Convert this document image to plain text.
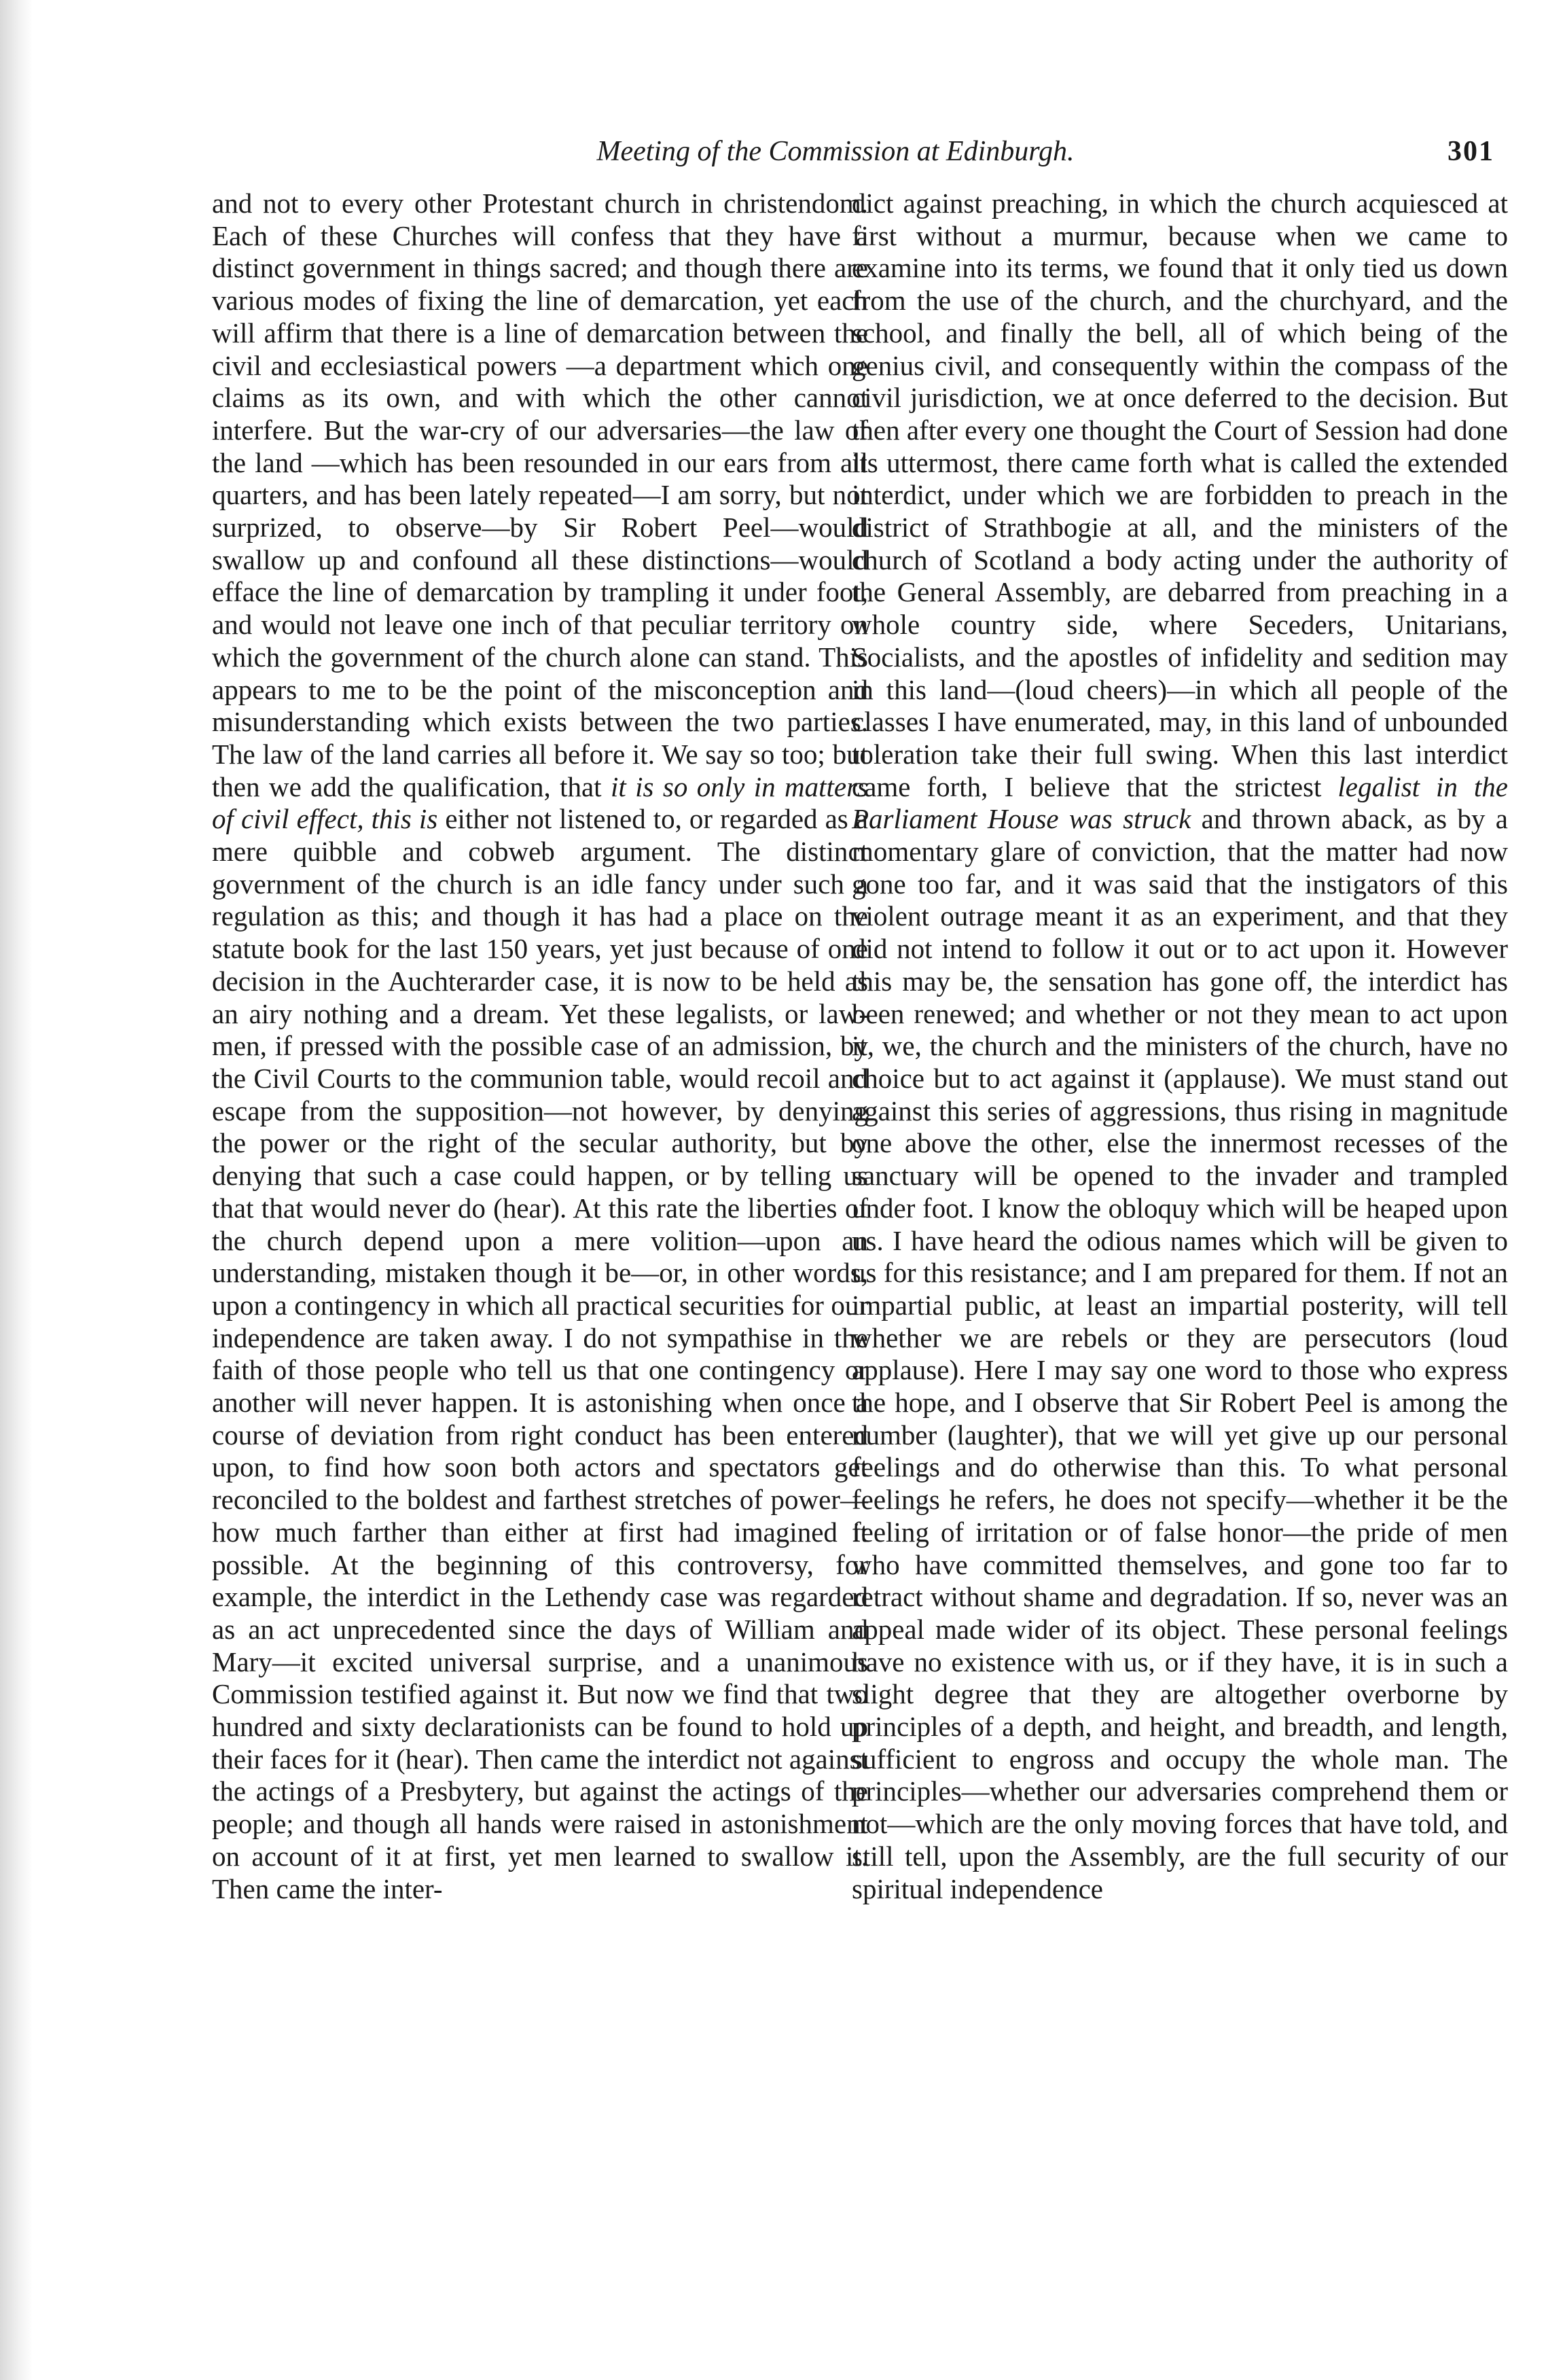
Meeting of the Commission at Edinburgh.	301

and not to every other Protestant church in christendom. Each of these Churches will confess that they have a distinct government in things sacred; and though there are various modes of fixing the line of demarcation, yet each will affirm that there is a line of demarcation between the civil and ecclesiastical powers —a department which one claims as its own, and with which the other cannot interfere. But the war-cry of our adversaries—the law of the land —which has been resounded in our ears from all quarters, and has been lately repeated—I am sorry, but not surprized, to observe—by Sir Robert Peel—would swallow up and confound all these distinctions—would efface the line of demarcation by trampling it under foot, and would not leave one inch of that peculiar territory on which the government of the church alone can stand. This appears to me to be the point of the misconception and misunderstanding which exists between the two parties. The law of the land carries all before it. We say so too; but then we add the qualification, that it is so only in matters of civil effect, this is either not listened to, or regarded as a mere quibble and cobweb argument. The distinct government of the church is an idle fancy under such a regulation as this; and though it has had a place on the statute book for the last 150 years, yet just because of one decision in the Auchterarder case, it is now to be held as an airy nothing and a dream. Yet these legalists, or law-men, if pressed with the possible case of an admission, by the Civil Courts to the communion table, would recoil and escape from the supposition—not however, by denying the power or the right of the secular authority, but by denying that such a case could happen, or by telling us that that would never do (hear). At this rate the liberties of the church depend upon a mere volition—upon an understanding, mistaken though it be—or, in other words, upon a contingency in which all practical securities for our independence are taken away. I do not sympathise in the faith of those people who tell us that one contingency or another will never happen. It is astonishing when once a course of deviation from right conduct has been entered upon, to find how soon both actors and spectators get reconciled to the boldest and farthest stretches of power—how much farther than either at first had imagined it possible. At the beginning of this controversy, for example, the interdict in the Lethendy case was regarded as an act unprecedented since the days of William and Mary—it excited universal surprise, and a unanimous Commission testified against it. But now we find that two hundred and sixty declarationists can be found to hold up their faces for it (hear). Then came the interdict not against the actings of a Presbytery, but against the actings of the people; and though all hands were raised in astonishment on account of it at first, yet men learned to swallow it. Then came the inter-

dict against preaching, in which the church acquiesced at first without a murmur, because when we came to examine into its terms, we found that it only tied us down from the use of the church, and the churchyard, and the school, and finally the bell, all of which being of the genius civil, and consequently within the compass of the civil jurisdiction, we at once deferred to the decision. But then after every one thought the Court of Session had done its uttermost, there came forth what is called the extended interdict, under which we are forbidden to preach in the district of Strathbogie at all, and the ministers of the church of Scotland a body acting under the authority of the General Assembly, are debarred from preaching in a whole country side, where Seceders, Unitarians, Socialists, and the apostles of infidelity and sedition may in this land—(loud cheers)—in which all people of the classes I have enumerated, may, in this land of unbounded toleration take their full swing. When this last interdict came forth, I believe that the strictest legalist in the Parliament House was struck and thrown aback, as by a momentary glare of conviction, that the matter had now gone too far, and it was said that the instigators of this violent outrage meant it as an experiment, and that they did not intend to follow it out or to act upon it. However this may be, the sensation has gone off, the interdict has been renewed; and whether or not they mean to act upon it, we, the church and the ministers of the church, have no choice but to act against it (applause). We must stand out against this series of aggressions, thus rising in magnitude one above the other, else the innermost recesses of the sanctuary will be opened to the invader and trampled under foot. I know the obloquy which will be heaped upon us. I have heard the odious names which will be given to us for this resistance; and I am prepared for them. If not an impartial public, at least an impartial posterity, will tell whether we are rebels or they are persecutors (loud applause). Here I may say one word to those who express the hope, and I observe that Sir Robert Peel is among the number (laughter), that we will yet give up our personal feelings and do otherwise than this. To what personal feelings he refers, he does not specify—whether it be the feeling of irritation or of false honor—the pride of men who have committed themselves, and gone too far to retract without shame and degradation. If so, never was an appeal made wider of its object. These personal feelings have no existence with us, or if they have, it is in such a slight degree that they are altogether overborne by principles of a depth, and height, and breadth, and length, sufficient to engross and occupy the whole man. The principles—whether our adversaries comprehend them or not—which are the only moving forces that have told, and still tell, upon the Assembly, are the full security of our spiritual independence
